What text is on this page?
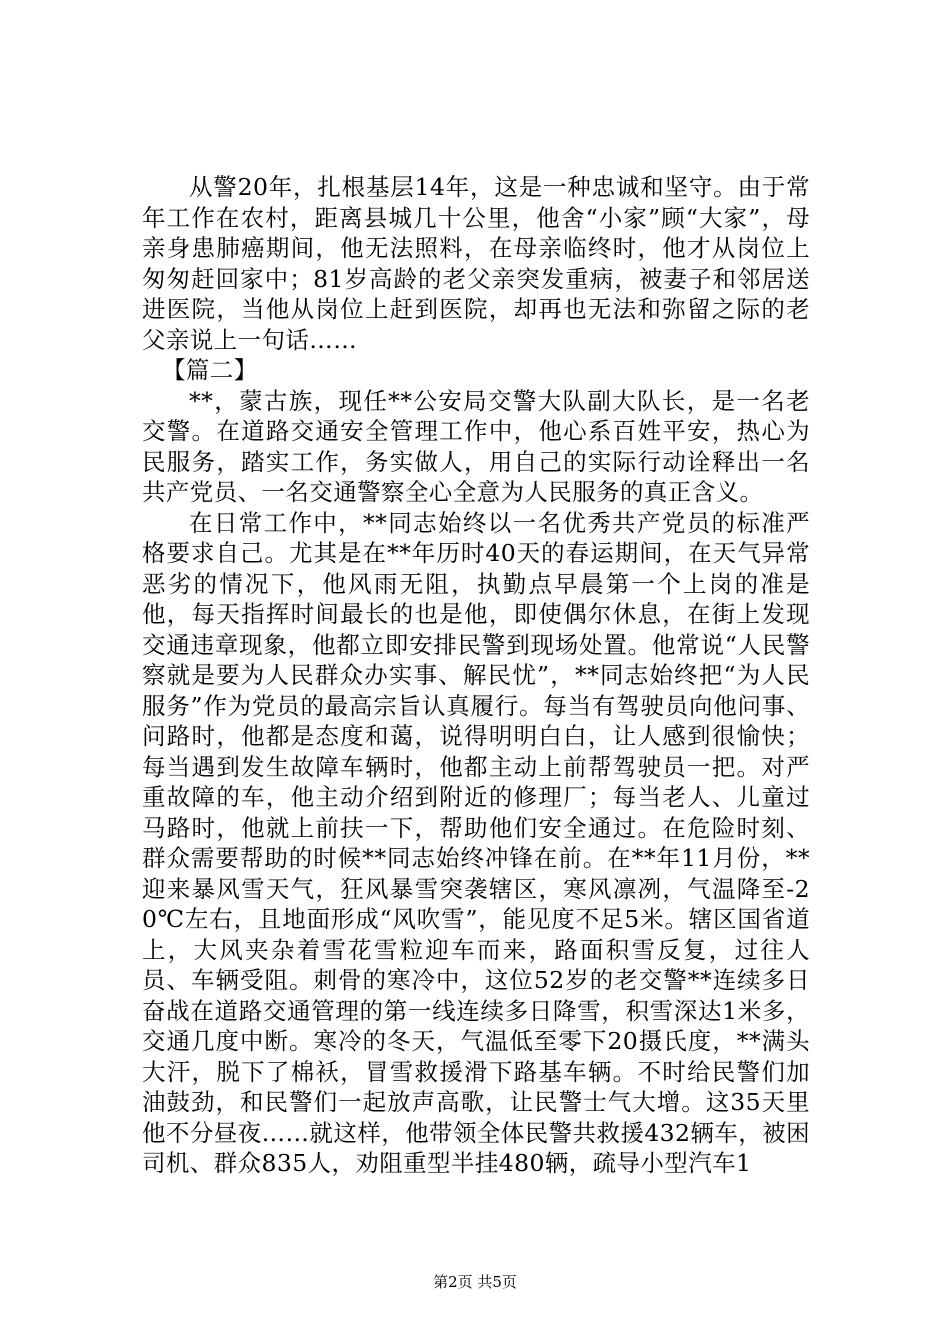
从警20年，扎根基层14年，这是一种忠诚和坚守。由于常年工作在农村，距离县城几十公里，他舍“小家”顾“大家”，母亲身患肺癌期间，他无法照料，在母亲临终时，他才从岗位上匆匆赶回家中；81岁高龄的老父亲突发重病，被妻子和邻居送进医院，当他从岗位上赶到医院，却再也无法和弥留之际的老父亲说上一句话……

【篇二】

**，蒙古族，现任**公安局交警大队副大队长，是一名老交警。在道路交通安全管理工作中，他心系百姓平安，热心为民服务，踏实工作，务实做人，用自己的实际行动诠释出一名共产党员、一名交通警察全心全意为人民服务的真正含义。

在日常工作中，**同志始终以一名优秀共产党员的标准严格要求自己。尤其是在**年历时40天的春运期间，在天气异常恶劣的情况下，他风雨无阻，执勤点早晨第一个上岗的准是他，每天指挥时间最长的也是他，即使偶尔休息，在街上发现交通违章现象，他都立即安排民警到现场处置。他常说“人民警察就是要为人民群众办实事、解民忧”，**同志始终把“为人民服务”作为党员的最高宗旨认真履行。每当有驾驶员向他问事、问路时，他都是态度和蔼，说得明明白白，让人感到很愉快；每当遇到发生故障车辆时，他都主动上前帮驾驶员一把。对严重故障的车，他主动介绍到附近的修理厂；每当老人、儿童过马路时，他就上前扶一下，帮助他们安全通过。在危险时刻、群众需要帮助的时候**同志始终冲锋在前。在**年11月份，**迎来暴风雪天气，狂风暴雪突袭辖区，寒风凛冽，气温降至-20℃左右，且地面形成“风吹雪”，能见度不足5米。辖区国省道上，大风夹杂着雪花雪粒迎车而来，路面积雪反复，过往人员、车辆受阻。刺骨的寒冷中，这位52岁的老交警**连续多日奋战在道路交通管理的第一线连续多日降雪，积雪深达1米多，交通几度中断。寒冷的冬天，气温低至零下20摄氏度，**满头大汗，脱下了棉袄，冒雪救援滑下路基车辆。不时给民警们加油鼓劲，和民警们一起放声高歌，让民警士气大增。这35天里他不分昼夜……就这样，他带领全体民警共救援432辆车，被困司机、群众835人，劝阻重型半挂480辆，疏导小型汽车1

第2页 共5页
